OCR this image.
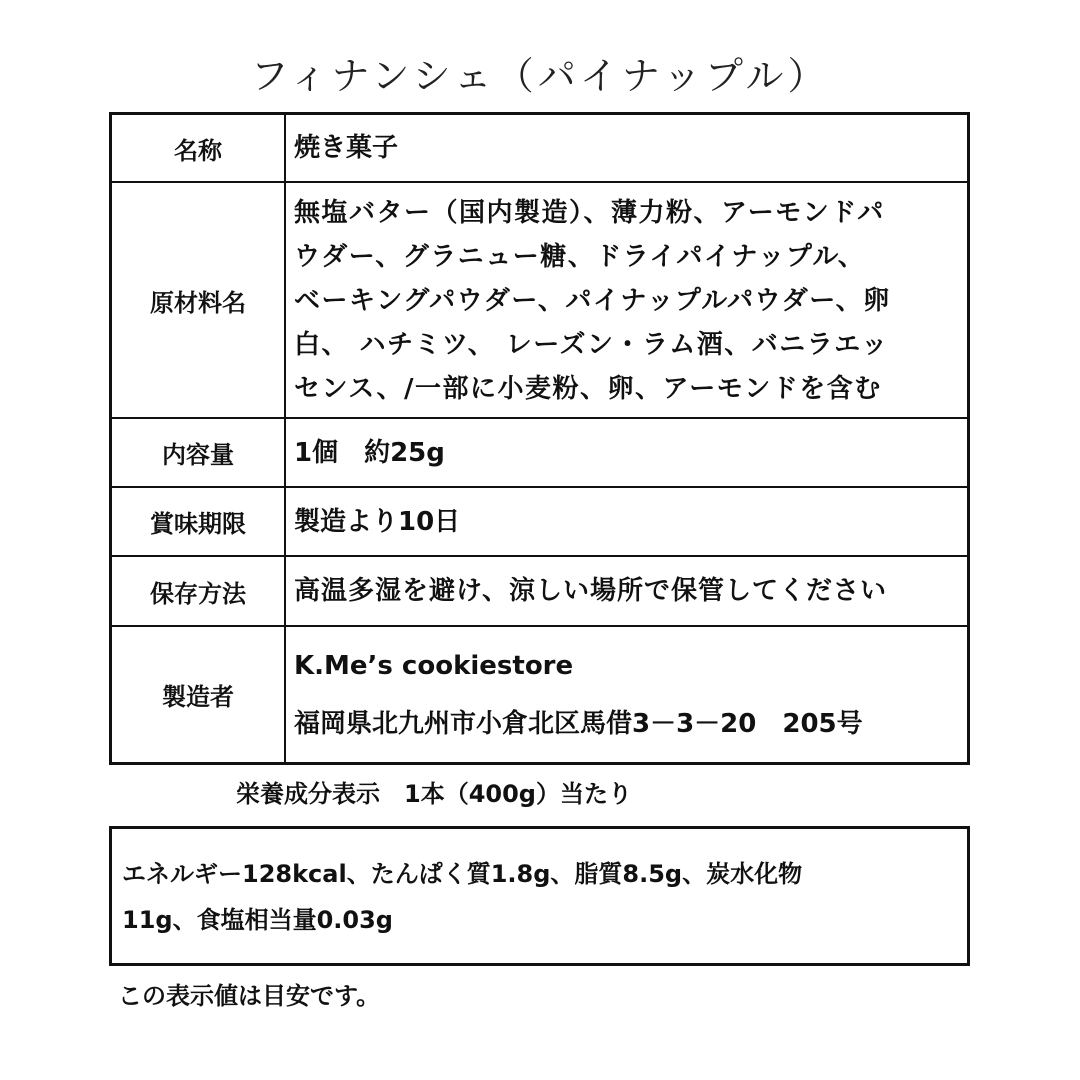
フィナンシェ（パイナップル）
名称	焼き菓子
原材料名	無塩バター（国内製造）、薄力粉、アーモンドパ
ウダー、グラニュー糖、ドライパイナップル、
ベーキングパウダー、パイナップルパウダー、卵
白、 ハチミツ、 レーズン・ラム酒、バニラエッ
センス、/一部に小麦粉、卵、アーモンドを含む

内容量	1個　約25g
賞味期限	製造より10日
保存方法	高温多湿を避け、涼しい場所で保管してください
製造者	K.Me’s cookiestore
福岡県北九州市小倉北区馬借3－3－20　205号
栄養成分表示　1本（400g）当たり
エネルギー128kcal、たんぱく質1.8g、脂質8.5g、炭水化物
11g、食塩相当量0.03g
この表示値は目安です。
